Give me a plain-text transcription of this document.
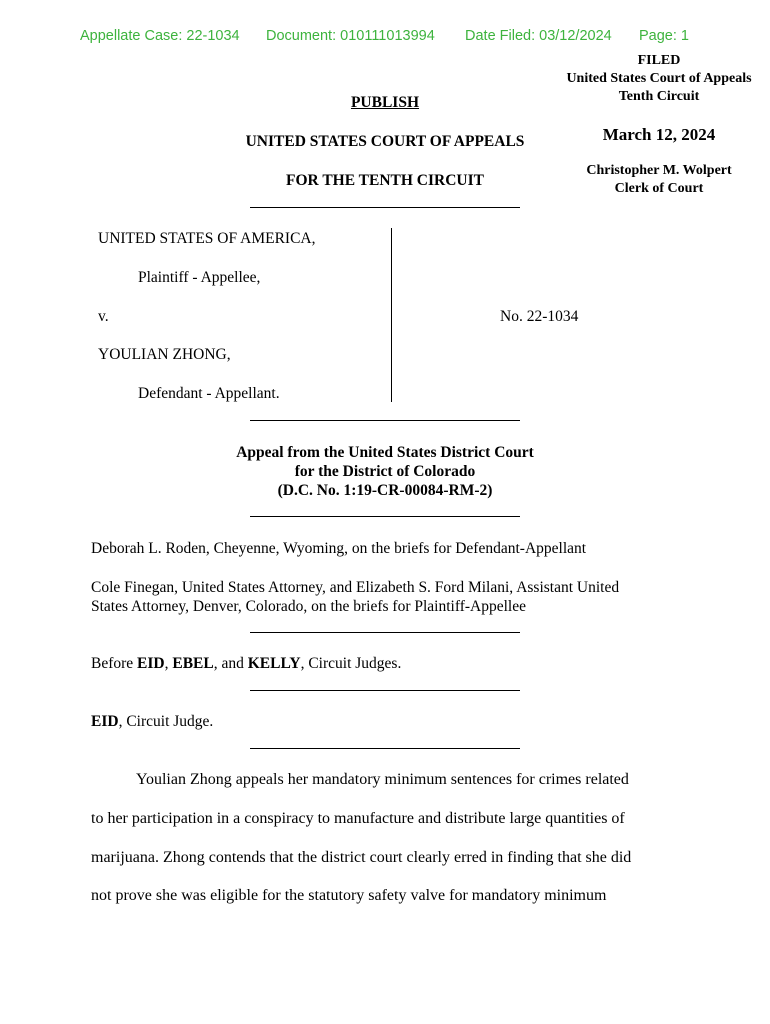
Appellate Case: 22-1034 Document: 010111013994 Date Filed: 03/12/2024 Page: 1
FILED
United States Court of Appeals
Tenth Circuit
March 12, 2024
Christopher M. Wolpert
Clerk of Court
PUBLISH
UNITED STATES COURT OF APPEALS
FOR THE TENTH CIRCUIT
UNITED STATES OF AMERICA,
Plaintiff - Appellee,
v.
YOULIAN ZHONG,
Defendant - Appellant.
No. 22-1034
Appeal from the United States District Court
for the District of Colorado
(D.C. No. 1:19-CR-00084-RM-2)
Deborah L. Roden, Cheyenne, Wyoming, on the briefs for Defendant-Appellant
Cole Finegan, United States Attorney, and Elizabeth S. Ford Milani, Assistant United
States Attorney, Denver, Colorado, on the briefs for Plaintiff-Appellee
Before EID, EBEL, and KELLY, Circuit Judges.
EID, Circuit Judge.
Youlian Zhong appeals her mandatory minimum sentences for crimes related
to her participation in a conspiracy to manufacture and distribute large quantities of
marijuana. Zhong contends that the district court clearly erred in finding that she did
not prove she was eligible for the statutory safety valve for mandatory minimum
